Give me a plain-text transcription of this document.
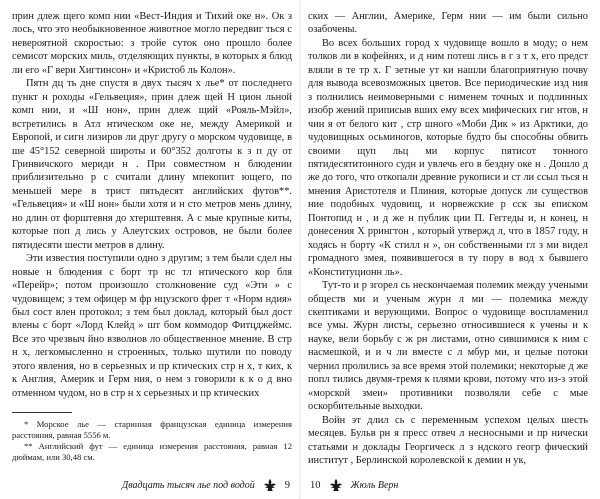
прин длеж щего комп нии «Вест-Индия и Тихий оке н». Ок з лось, что это необыкновенное животное могло передвиг ться с невероятной скоростью: з тройе суток оно прошло более семисот морских миль, отделяющих пункты, в которых я блюд ли его «Г вери Хигтинсон» и «Кристоб ль Колон».

Пятн дц ть дне спустя в двух тысяч х лье* от последнего пункт н роходы «Гельвеция», прин длеж щей Н цион льной комп нии, и «Ш нон», прин длеж щий «Рояль-Мэйл», встретились в Атл нтическом оке не, между Америкой и Европой, и сигн лизиров ли друг другу о морском чудовище, в ше 45°152 северной широты и 60°352 долготы к з п ду от Гринвичского мериди н . При совместном н блюдении приблизительно р с считали длину мпекопит ющего, по меньшей мере в трист пятьдесят английских футов**. «Гельвеция» и «Ш нон» были хотя и н сто метров мень длину, но длин от форштевня до хтерштевня. А с мые крупные киты, которые поп д лись у Алеутских островов, не были более пятидесяти шести метров в длину.

Эти известия поступили одно з другим; з тем были сдел ны новые н блюдения с борт тр нс тл нтического кор бля «Перейр»; потом произошло столкновение суд «Этн » с чудовищем; з тем офицер м фр нцузского фрег т «Норм ндия» был сост влен протокол; з тем был доклад, который был дост влены с борт «Лорд Клейд » шт бом коммодор Фитцджеймс. Все это чрезвыч йно взволнов ло общественное мнение. В стр н х, легкомысленно н строенных, только шутили по поводу этого явления, но в серьезных и пр ктических стр н х, т ких, к к Англия, Америк и Герм ния, о нем з говорили к к о д вно отменном чудом, но в стр н х серьезных и пр ктических

* Морское лье — старинная французская единица измерения расстояния, равная 5556 м.

** Английский фут — единица измерения расстояния, равная 12 дюймам, или 30,48 см.

Двадцать тысяч лье под водой	9

ских — Англии, Америке, Герм нии — им были сильно озабочены.

Во всех больших город х чудовище вошло в моду; о нем толков ли в кофейнях, и д ним потеш лись в г з т х, его предст вляли в те тр х. Г зетные ут ки нашли благоприятную почву для вывода всевозможных цветов. Все периодические изд ния з полнились неимоверными с нименем точных и подлинных изобр жений приписыв вших ему всех мифических гиг нтов, н чин я от белого кит , стр шного «Моби Дик » из Арктики, до чудовищных осьминогов, которые будто бы способны обвить своими щуп льц ми корпус пятисот тонного пятидесятитонного судн и увлечь его в бездну оке н . Дошло д же до того, что откопали древние рукописи и ст ли ссыл ться н мнения Аристотеля и Плиния, которые допуск ли существов ние подобных чудовищ, и норвежские р сск зы еписком Понтопид н , и д же н публик ции П. Геггеды и, н конец, н донесения Х ррингтон , который утвержд л, что в 1857 году, н ходясь н борту «К стилл н », он собственными гл з ми видел громадного змея, появившегося в ту пору в вод х бывшего «Конституционн ль».

Тут-то и р згорел сь нескончаемая полемик между учеными обществ ми и ученым журн л ми — полемика между скептиками и верующими. Вопрос о чудовище воспламенил все умы. Журн листы, серьезно относившиеся к учены и к науке, вели борьбу с ж рн листами, отно сившимися к ним с насмешкой, и и ч ли вместе с л мбур ми, и целые потоки чернил пролились за все время этой полемики; некоторые д же попл тились двумя-тремя к плями крови, потому что из-з этой «морской змеи» противники позволяли себе с мые оскорбительные выходки.

Войн эт длил сь с переменным успехом целых шесть месяцев. Бульв рн я пресс отвеч л несносными и пр нически статьями н доклады Георгическ л з ндского геогр фический институт , Берлинской королевской к демии н ук,

10	Жюль Верн
